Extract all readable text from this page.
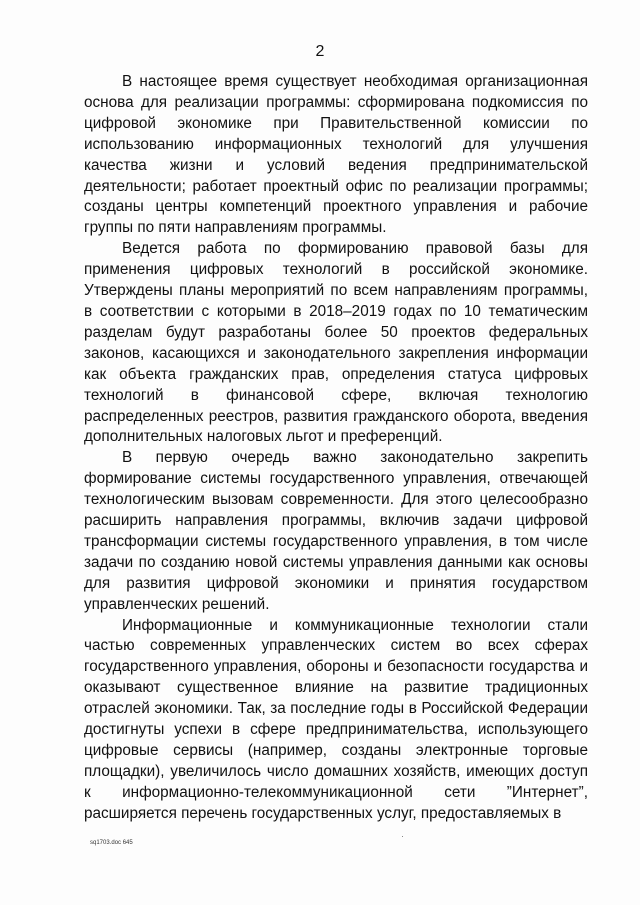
2

В настоящее время существует необходимая организационная основа для реализации программы: сформирована подкомиссия по цифровой экономике при Правительственной комиссии по использованию информационных технологий для улучшения качества жизни и условий ведения предпринимательской деятельности; работает проектный офис по реализации программы; созданы центры компетенций проектного управления и рабочие группы по пяти направлениям программы.

Ведется работа по формированию правовой базы для применения цифровых технологий в российской экономике. Утверждены планы мероприятий по всем направлениям программы, в соответствии с которыми в 2018–2019 годах по 10 тематическим разделам будут разработаны более 50 проектов федеральных законов, касающихся и законодательного закрепления информации как объекта гражданских прав, определения статуса цифровых технологий в финансовой сфере, включая технологию распределенных реестров, развития гражданского оборота, введения дополнительных налоговых льгот и преференций.

В первую очередь важно законодательно закрепить формирование системы государственного управления, отвечающей технологическим вызовам современности. Для этого целесообразно расширить направления программы, включив задачи цифровой трансформации системы государственного управления, в том числе задачи по созданию новой системы управления данными как основы для развития цифровой экономики и принятия государством управленческих решений.

Информационные и коммуникационные технологии стали частью современных управленческих систем во всех сферах государственного управления, обороны и безопасности государства и оказывают существенное влияние на развитие традиционных отраслей экономики. Так, за последние годы в Российской Федерации достигнуты успехи в сфере предпринимательства, использующего цифровые сервисы (например, созданы электронные торговые площадки), увеличилось число домашних хозяйств, имеющих доступ к информационно-телекоммуникационной сети ”Интернет”, расширяется перечень государственных услуг, предоставляемых в

sq1703.doc 645
